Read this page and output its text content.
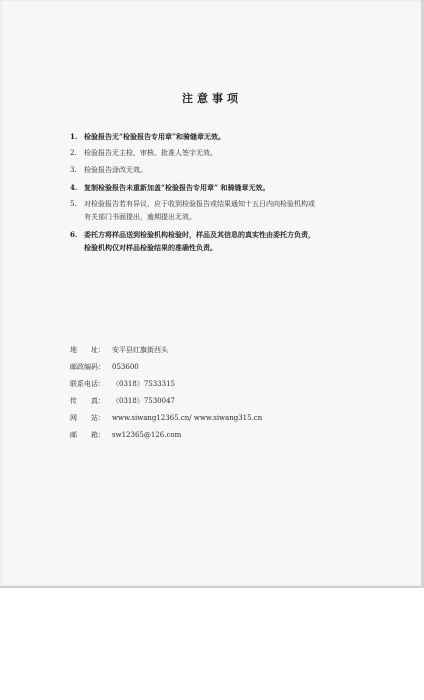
注意事项
1. 检验报告无“检验报告专用章”和骑缝章无效。
2.	检验报告无主检、审核、批准人签字无效。
3.	检验报告涂改无效。
4. 复制检验报告未重新加盖“检验报告专用章” 和骑缝章无效。
5.	对检验报告若有异议，应于收到检验报告或结果通知十五日内向检验机构或
有关部门书面提出，逾期提出无效。
6. 委托方将样品送到检验机构检验时，样品及其信息的真实性由委托方负责，
检验机构仅对样品检验结果的准确性负责。
地　　址：	安平县红旗街西头
邮政编码：	053600
联系电话：	（0318）7533315
传　　真：	（0318）7530047
网　　站：	www.siwang12365.cn/ www.siwang315.cn
邮　　箱：	sw12365@126.com
